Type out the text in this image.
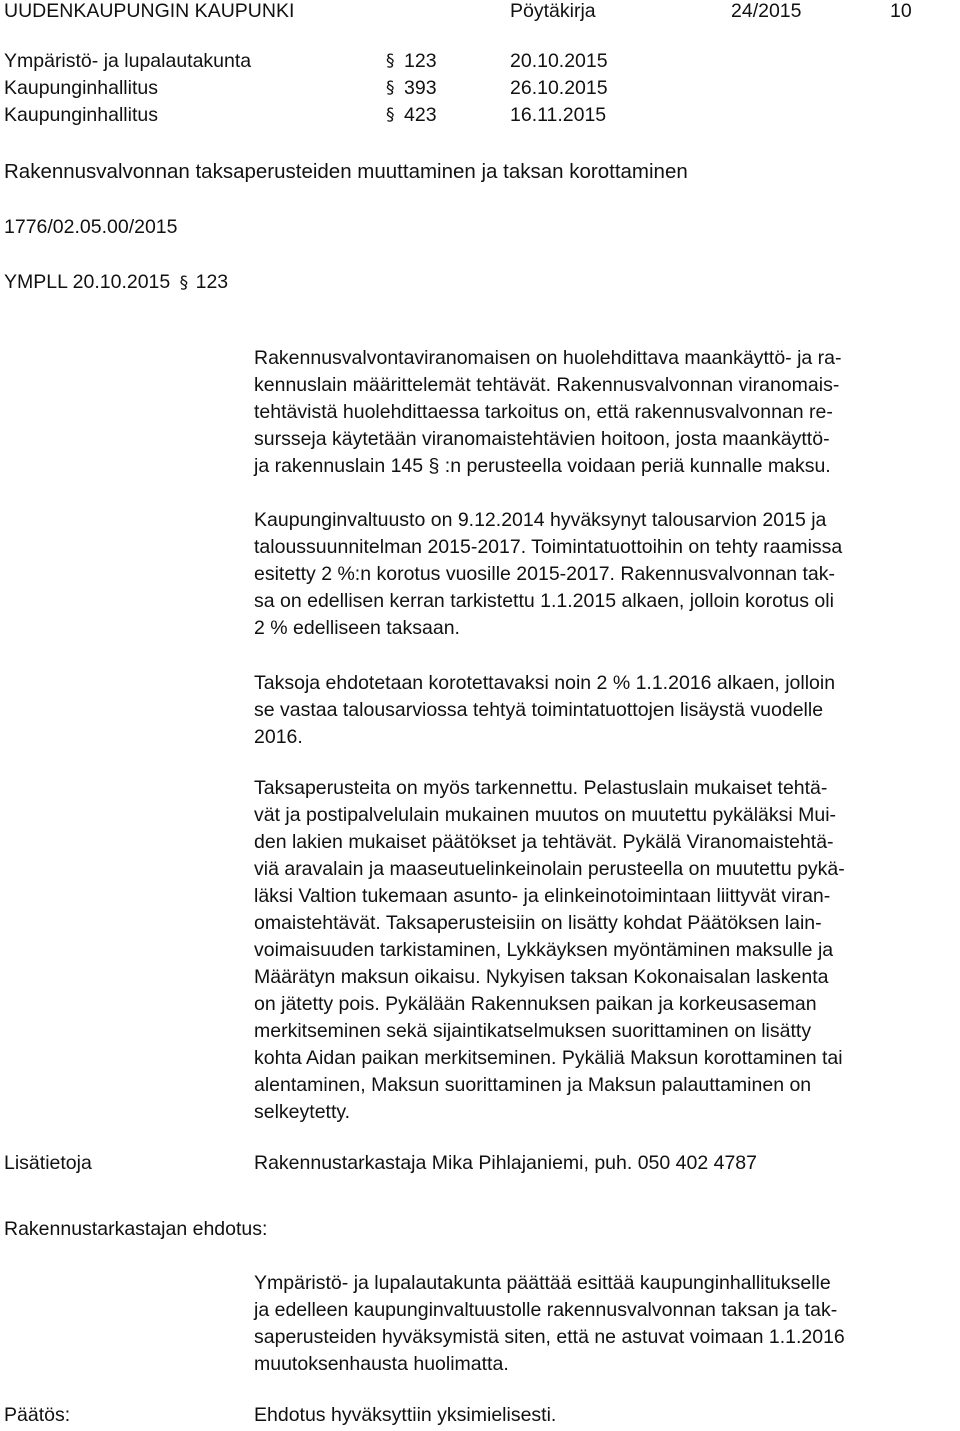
UUDENKAUPUNGIN KAUPUNKI	Pöytäkirja	24/2015	10
Ympäristö- ja lupalautakunta	§ 123	20.10.2015
Kaupunginhallitus	§ 393	26.10.2015
Kaupunginhallitus	§ 423	16.11.2015
Rakennusvalvonnan taksaperusteiden muuttaminen ja taksan korottaminen
1776/02.05.00/2015
YMPLL 20.10.2015 § 123

Rakennusvalvontaviranomaisen on huolehdittava maankäyttö- ja ra-
kennuslain määrittelemät tehtävät. Rakennusvalvonnan viranomais-
tehtävistä huolehdittaessa tarkoitus on, että rakennusvalvonnan re-
sursseja käytetään viranomaistehtävien hoitoon, josta maankäyttö-
ja rakennuslain 145 § :n perusteella voidaan periä kunnalle maksu.

Kaupunginvaltuusto on 9.12.2014 hyväksynyt talousarvion 2015 ja
taloussuunnitelman 2015-2017. Toimintatuottoihin on tehty raamissa
esitetty 2 %:n korotus vuosille 2015-2017. Rakennusvalvonnan tak-
sa on edellisen kerran tarkistettu 1.1.2015 alkaen, jolloin korotus oli
2 % edelliseen taksaan.

Taksoja ehdotetaan korotettavaksi noin 2 % 1.1.2016 alkaen, jolloin
se vastaa talousarviossa tehtyä toimintatuottojen lisäystä vuodelle
2016.

Taksaperusteita on myös tarkennettu. Pelastuslain mukaiset tehtä-
vät ja postipalvelulain mukainen muutos on muutettu pykäläksi Mui-
den lakien mukaiset päätökset ja tehtävät. Pykälä Viranomaistehtä-
viä aravalain ja maaseutuelinkeinolain perusteella on muutettu pykä-
läksi Valtion tukemaan asunto- ja elinkeinotoimintaan liittyvät viran-
omaistehtävät. Taksaperusteisiin on lisätty kohdat Päätöksen lain-
voimaisuuden tarkistaminen, Lykkäyksen myöntäminen maksulle ja
Määrätyn maksun oikaisu. Nykyisen taksan Kokonaisalan laskenta
on jätetty pois. Pykälään Rakennuksen paikan ja korkeusaseman
merkitseminen sekä sijaintikatselmuksen suorittaminen on lisätty
kohta Aidan paikan merkitseminen. Pykäliä Maksun korottaminen tai
alentaminen, Maksun suorittaminen ja Maksun palauttaminen on
selkeytetty.

Lisätietoja	Rakennustarkastaja Mika Pihlajaniemi, puh. 050 402 4787
Rakennustarkastajan ehdotus:

Ympäristö- ja lupalautakunta päättää esittää kaupunginhallitukselle
ja edelleen kaupunginvaltuustolle rakennusvalvonnan taksan ja tak-
saperusteiden hyväksymistä siten, että ne astuvat voimaan 1.1.2016
muutoksenhausta huolimatta.

Päätös:	Ehdotus hyväksyttiin yksimielisesti.
